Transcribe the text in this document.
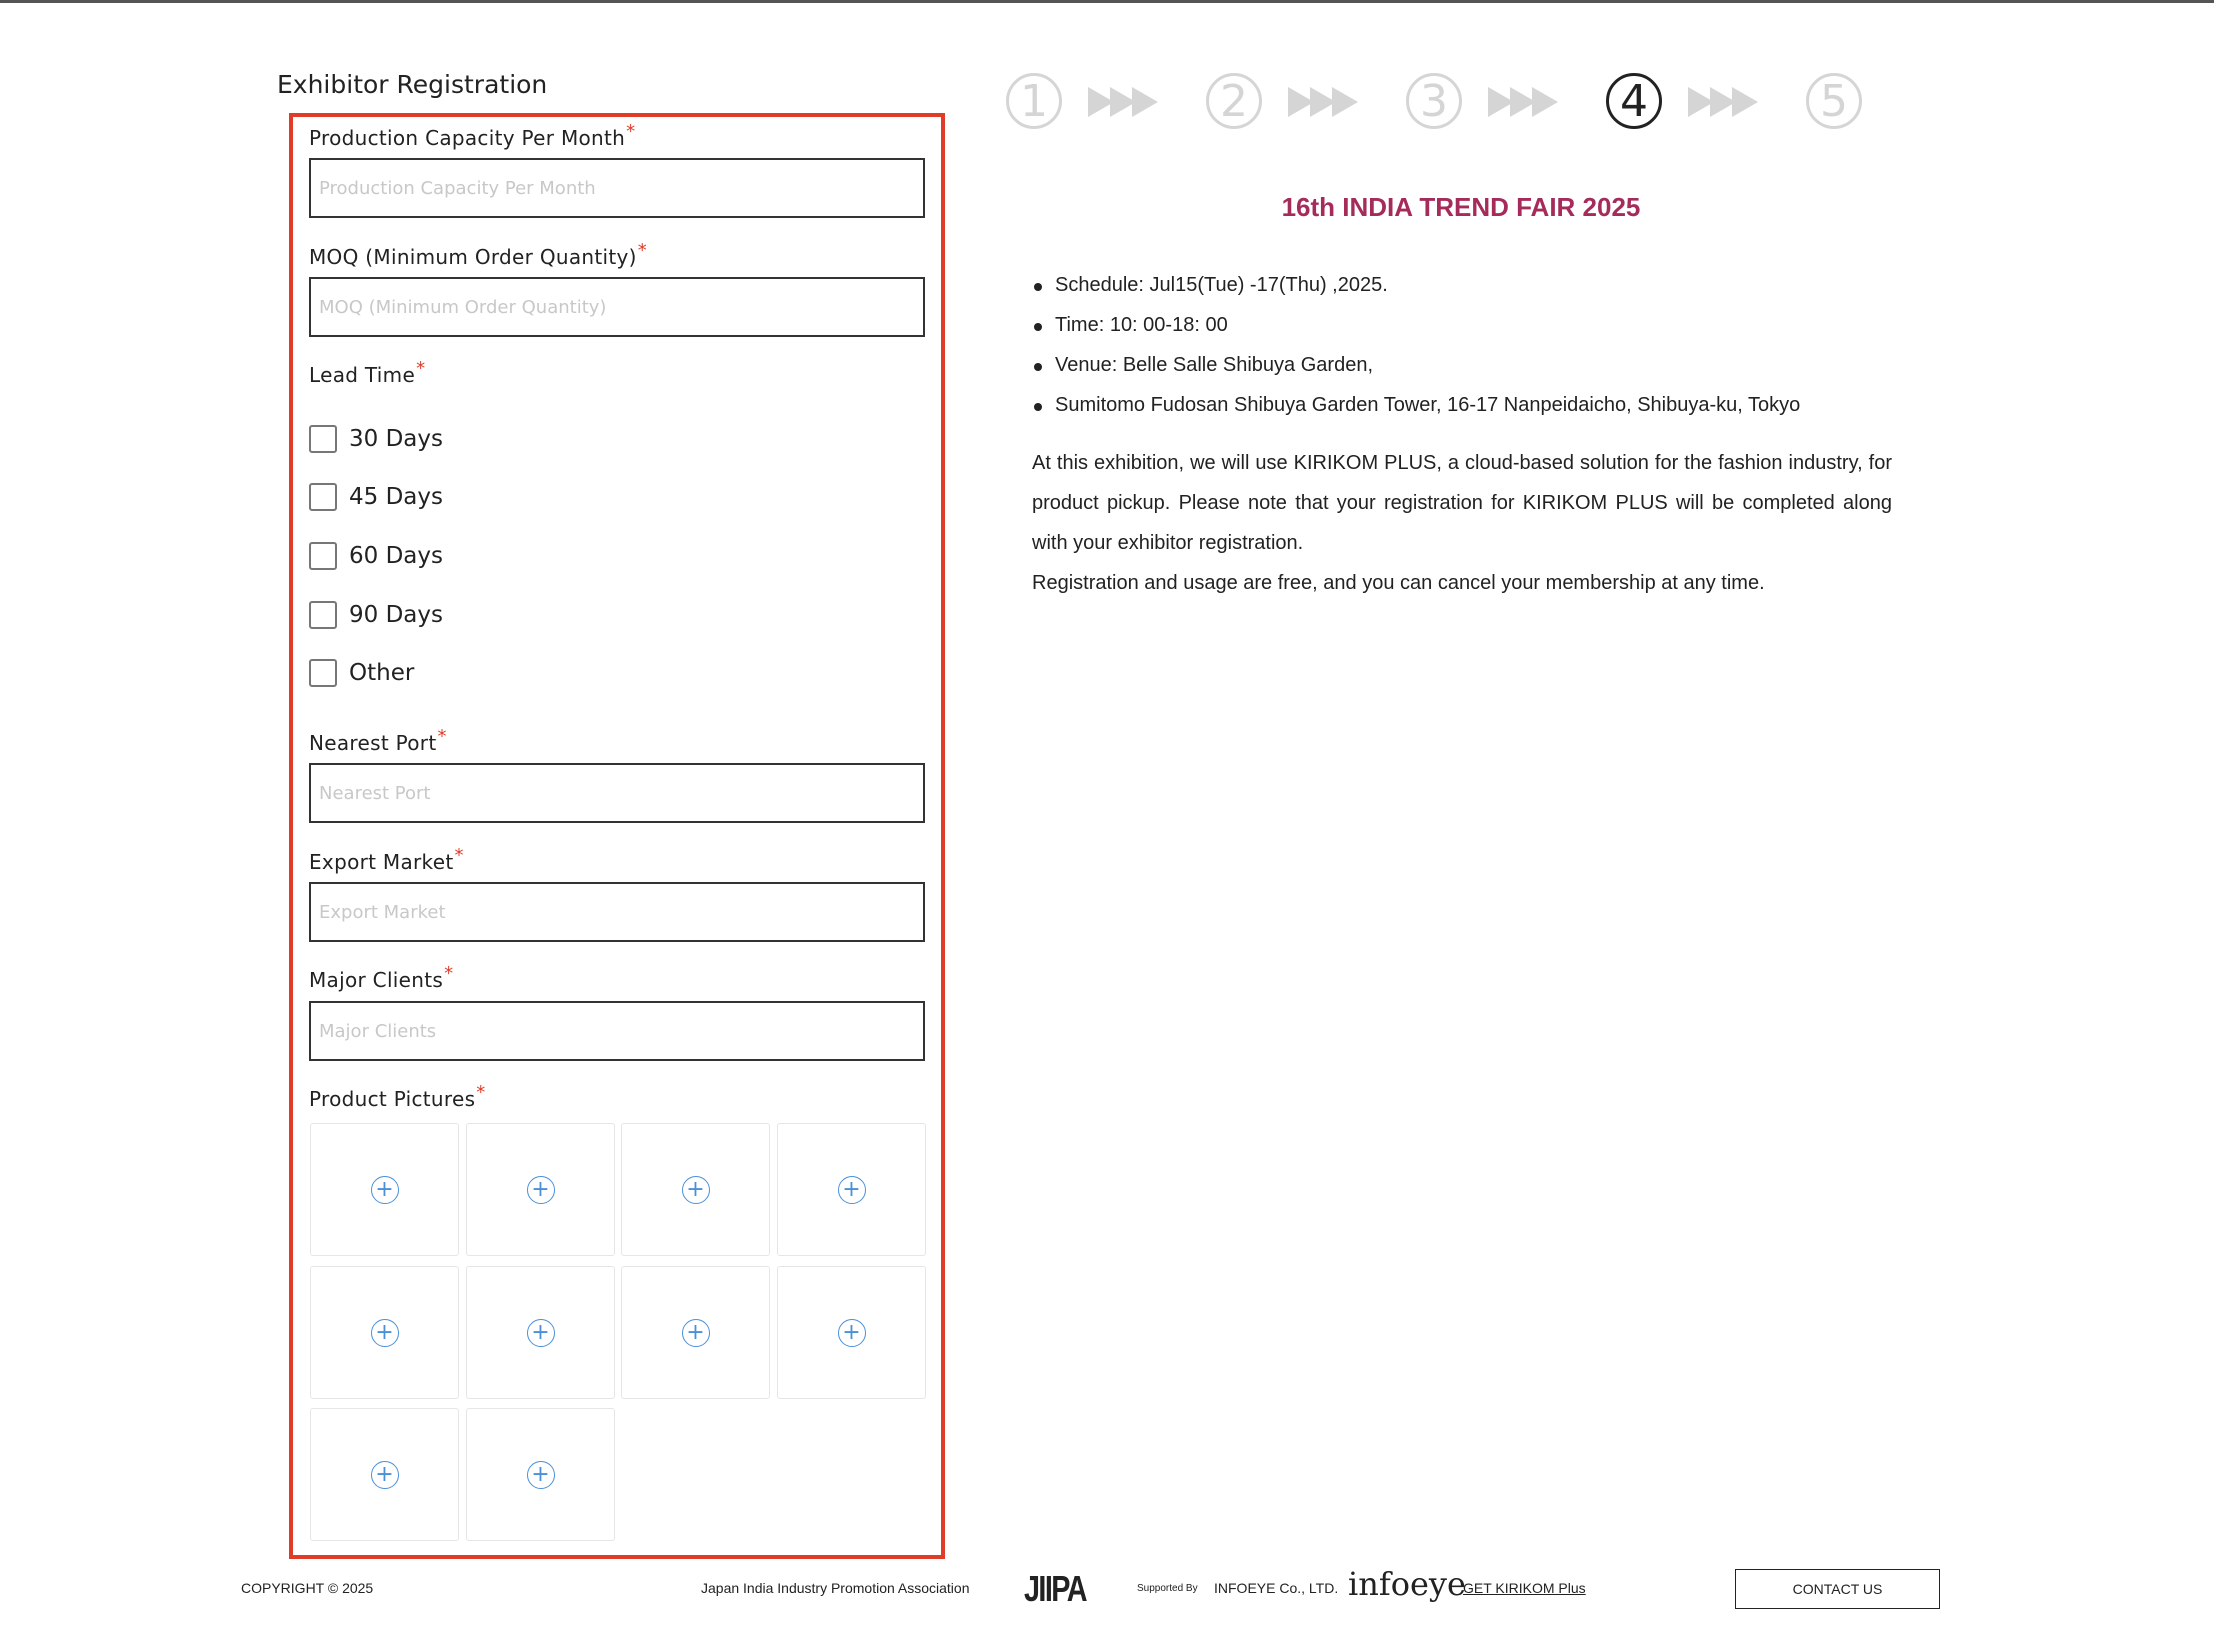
Exhibitor Registration
Production Capacity Per Month*
Production Capacity Per Month
MOQ (Minimum Order Quantity)*
MOQ (Minimum Order Quantity)
Lead Time*
30 Days
45 Days
60 Days
90 Days
Other
Nearest Port*
Nearest Port
Export Market*
Export Market
Major Clients*
Major Clients
Product Pictures*
+	+	+	+
+	+	+	+
+	+
1	2	3	4	5
16th INDIA TREND FAIR 2025
Schedule: Jul15(Tue) -17(Thu) ,2025.
Time: 10: 00-18: 00
Venue: Belle Salle Shibuya Garden,
Sumitomo Fudosan Shibuya Garden Tower, 16-17 Nanpeidaicho, Shibuya-ku, Tokyo

At this exhibition, we will use KIRIKOM PLUS, a cloud-based solution for the fashion industry, for product pickup. Please note that your registration for KIRIKOM PLUS will be completed along with your exhibitor registration.

Registration and usage are free, and you can cancel your membership at any time.

COPYRIGHT © 2025	Japan India Industry Promotion Association JIIPA	Supported By INFOEYE Co., LTD. infoeye
GET KIRIKOM Plus	CONTACT US
